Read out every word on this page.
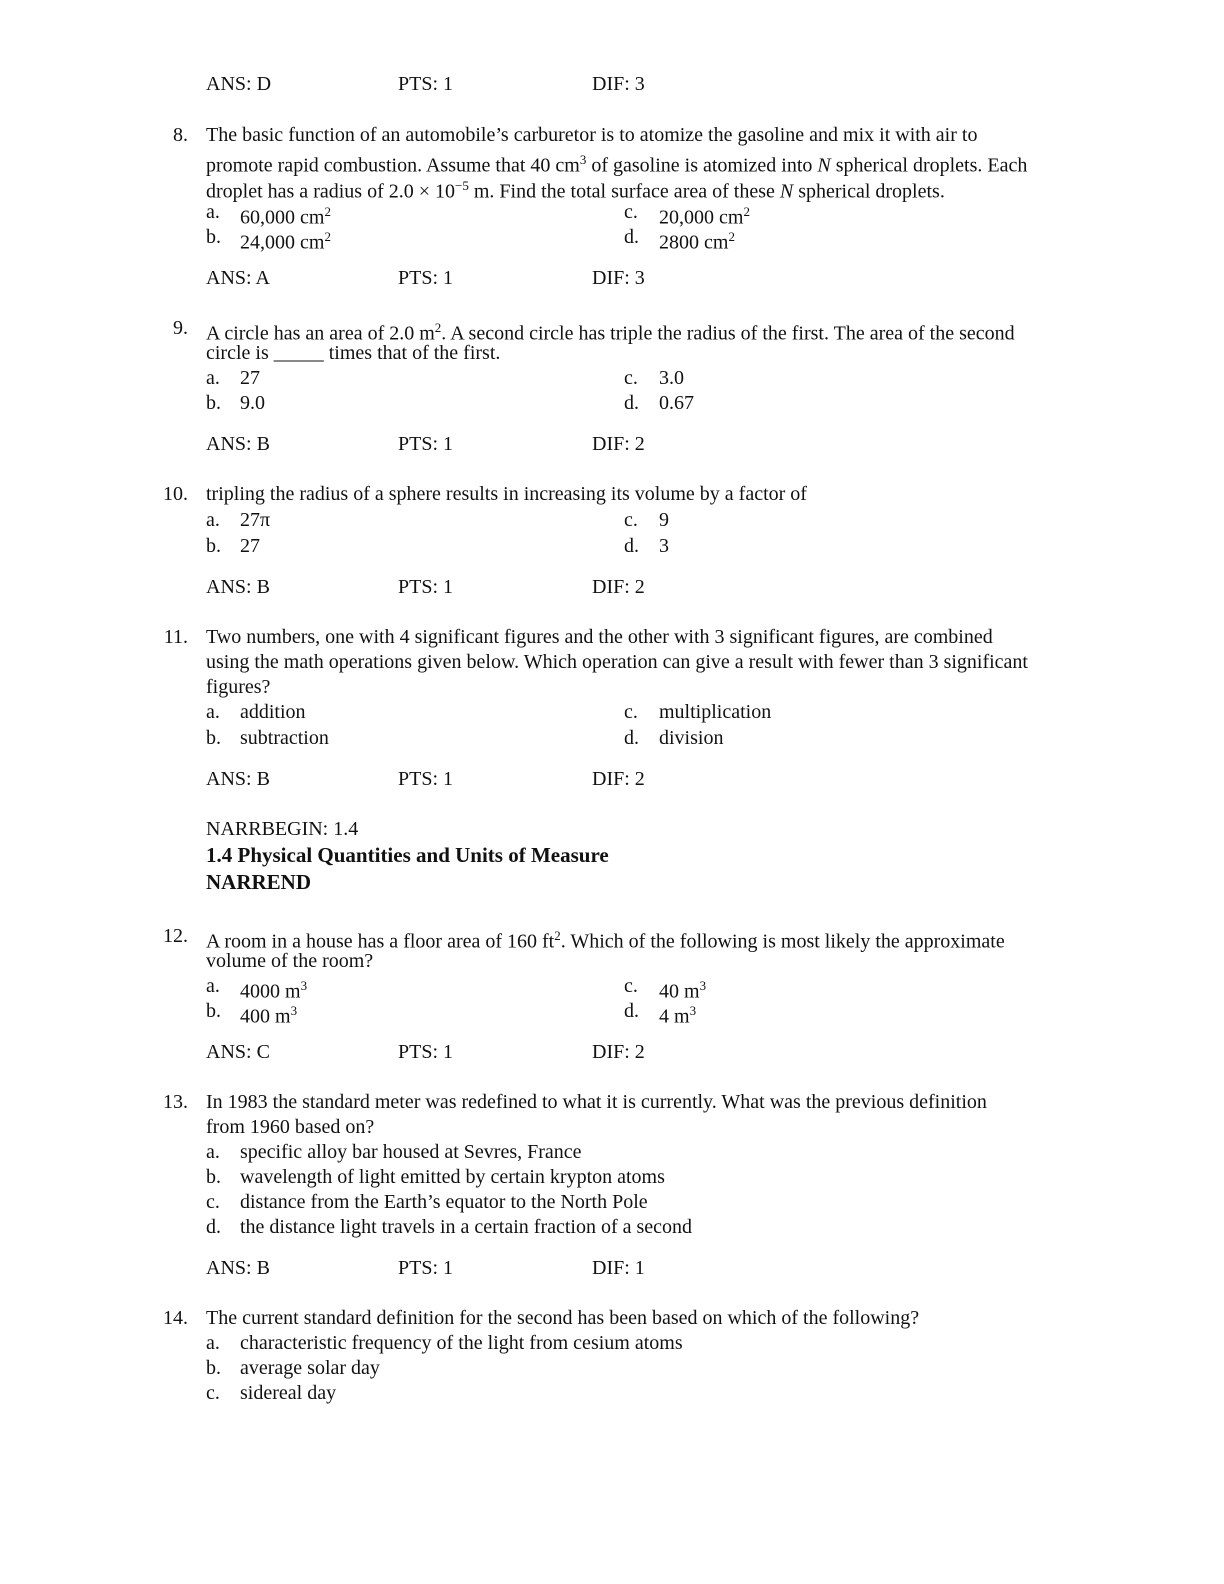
ANS: D	PTS: 1	DIF: 3
8. The basic function of an automobile’s carburetor is to atomize the gasoline and mix it with air to
promote rapid combustion. Assume that 40 $cm^3$ of gasoline is atomized into N spherical droplets. Each
droplet has a radius of $2.0 \times 10^{-5}$ m. Find the total surface area of these N spherical droplets.
a. 60,000 $cm^2$
b. 24,000 $cm^2$
c. 20,000 $cm^2$
d. 2800 $cm^2$
ANS: A	PTS: 1	DIF: 3
9. A circle has an area of 2.0 $m^2$. A second circle has triple the radius of the first. The area of the second
circle is _____ times that of the first.
a. 27
b. 9.0
c. 3.0
d. 0.67
ANS: B	PTS: 1	DIF: 2
10. tripling the radius of a sphere results in increasing its volume by a factor of
a. 27π
b. 27
c. 9
d. 3
ANS: B	PTS: 1	DIF: 2
11. Two numbers, one with 4 significant figures and the other with 3 significant figures, are combined
using the math operations given below. Which operation can give a result with fewer than 3 significant
figures?
a. addition
b. subtraction
c. multiplication
d. division
ANS: B	PTS: 1	DIF: 2
NARRBEGIN: 1.4
1.4 Physical Quantities and Units of Measure
NARREND
12. A room in a house has a floor area of 160 $ft^2$. Which of the following is most likely the approximate
volume of the room?
a. 4000 $m^3$
b. 400 $m^3$
c. 40 $m^3$
d. 4 $m^3$
ANS: C	PTS: 1	DIF: 2
13. In 1983 the standard meter was redefined to what it is currently. What was the previous definition
from 1960 based on?
a. specific alloy bar housed at Sevres, France
b. wavelength of light emitted by certain krypton atoms
c. distance from the Earth’s equator to the North Pole
d. the distance light travels in a certain fraction of a second
ANS: B	PTS: 1	DIF: 1
14. The current standard definition for the second has been based on which of the following?
a. characteristic frequency of the light from cesium atoms
b. average solar day
c. sidereal day
